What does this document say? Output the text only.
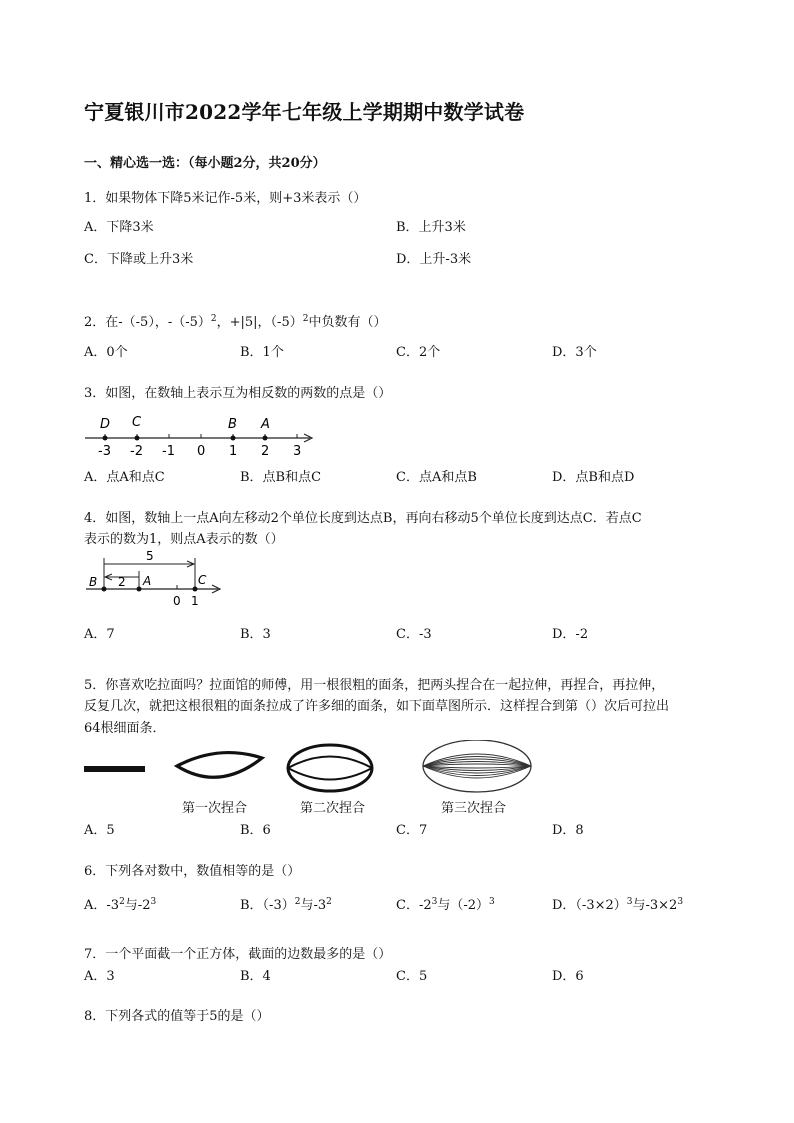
宁夏银川市2022学年七年级上学期期中数学试卷
一、精心选一选：（每小题2分，共20分）
1．如果物体下降5米记作-5米，则+3米表示（）
A．下降3米	B．上升3米
C．下降或上升3米	D．上升-3米
2．在-（-5），$-(-5)^2$，+|5|，$(-5)^2$中负数有（）
A．0个	B．1个	C．2个	D．3个
3．如图，在数轴上表示互为相反数的两数的点是（）
D C	B A
-3 -2 -1 0 1 2 3
A．点A和点C	B．点B和点C	C．点A和点B	D．点B和点D
4．如图，数轴上一点A向左移动2个单位长度到达点B，再向右移动5个单位长度到达点C．若点C
表示的数为1，则点A表示的数（）
5
2
B	A	C
0 1
A．7	B．3	C．-3	D．-2
5．你喜欢吃拉面吗？拉面馆的师傅，用一根很粗的面条，把两头捏合在一起拉伸，再捏合，再拉伸，
反复几次，就把这根很粗的面条拉成了许多细的面条，如下面草图所示．这样捏合到第（）次后可拉出
64根细面条．
第一次捏合	第二次捏合	第三次捏合
A．5	B．6	C．7	D．8
6．下列各对数中，数值相等的是（）
A．$-3^2$与$-2^3$	B．$(-3)^2$与$-3^2$	C．$-2^3$与$(-2)^3$	D．$(-3\times 2)^3$与$-3\times 2^3$
7．一个平面截一个正方体，截面的边数最多的是（）
A．3	B．4	C．5	D．6
8．下列各式的值等于5的是（）
